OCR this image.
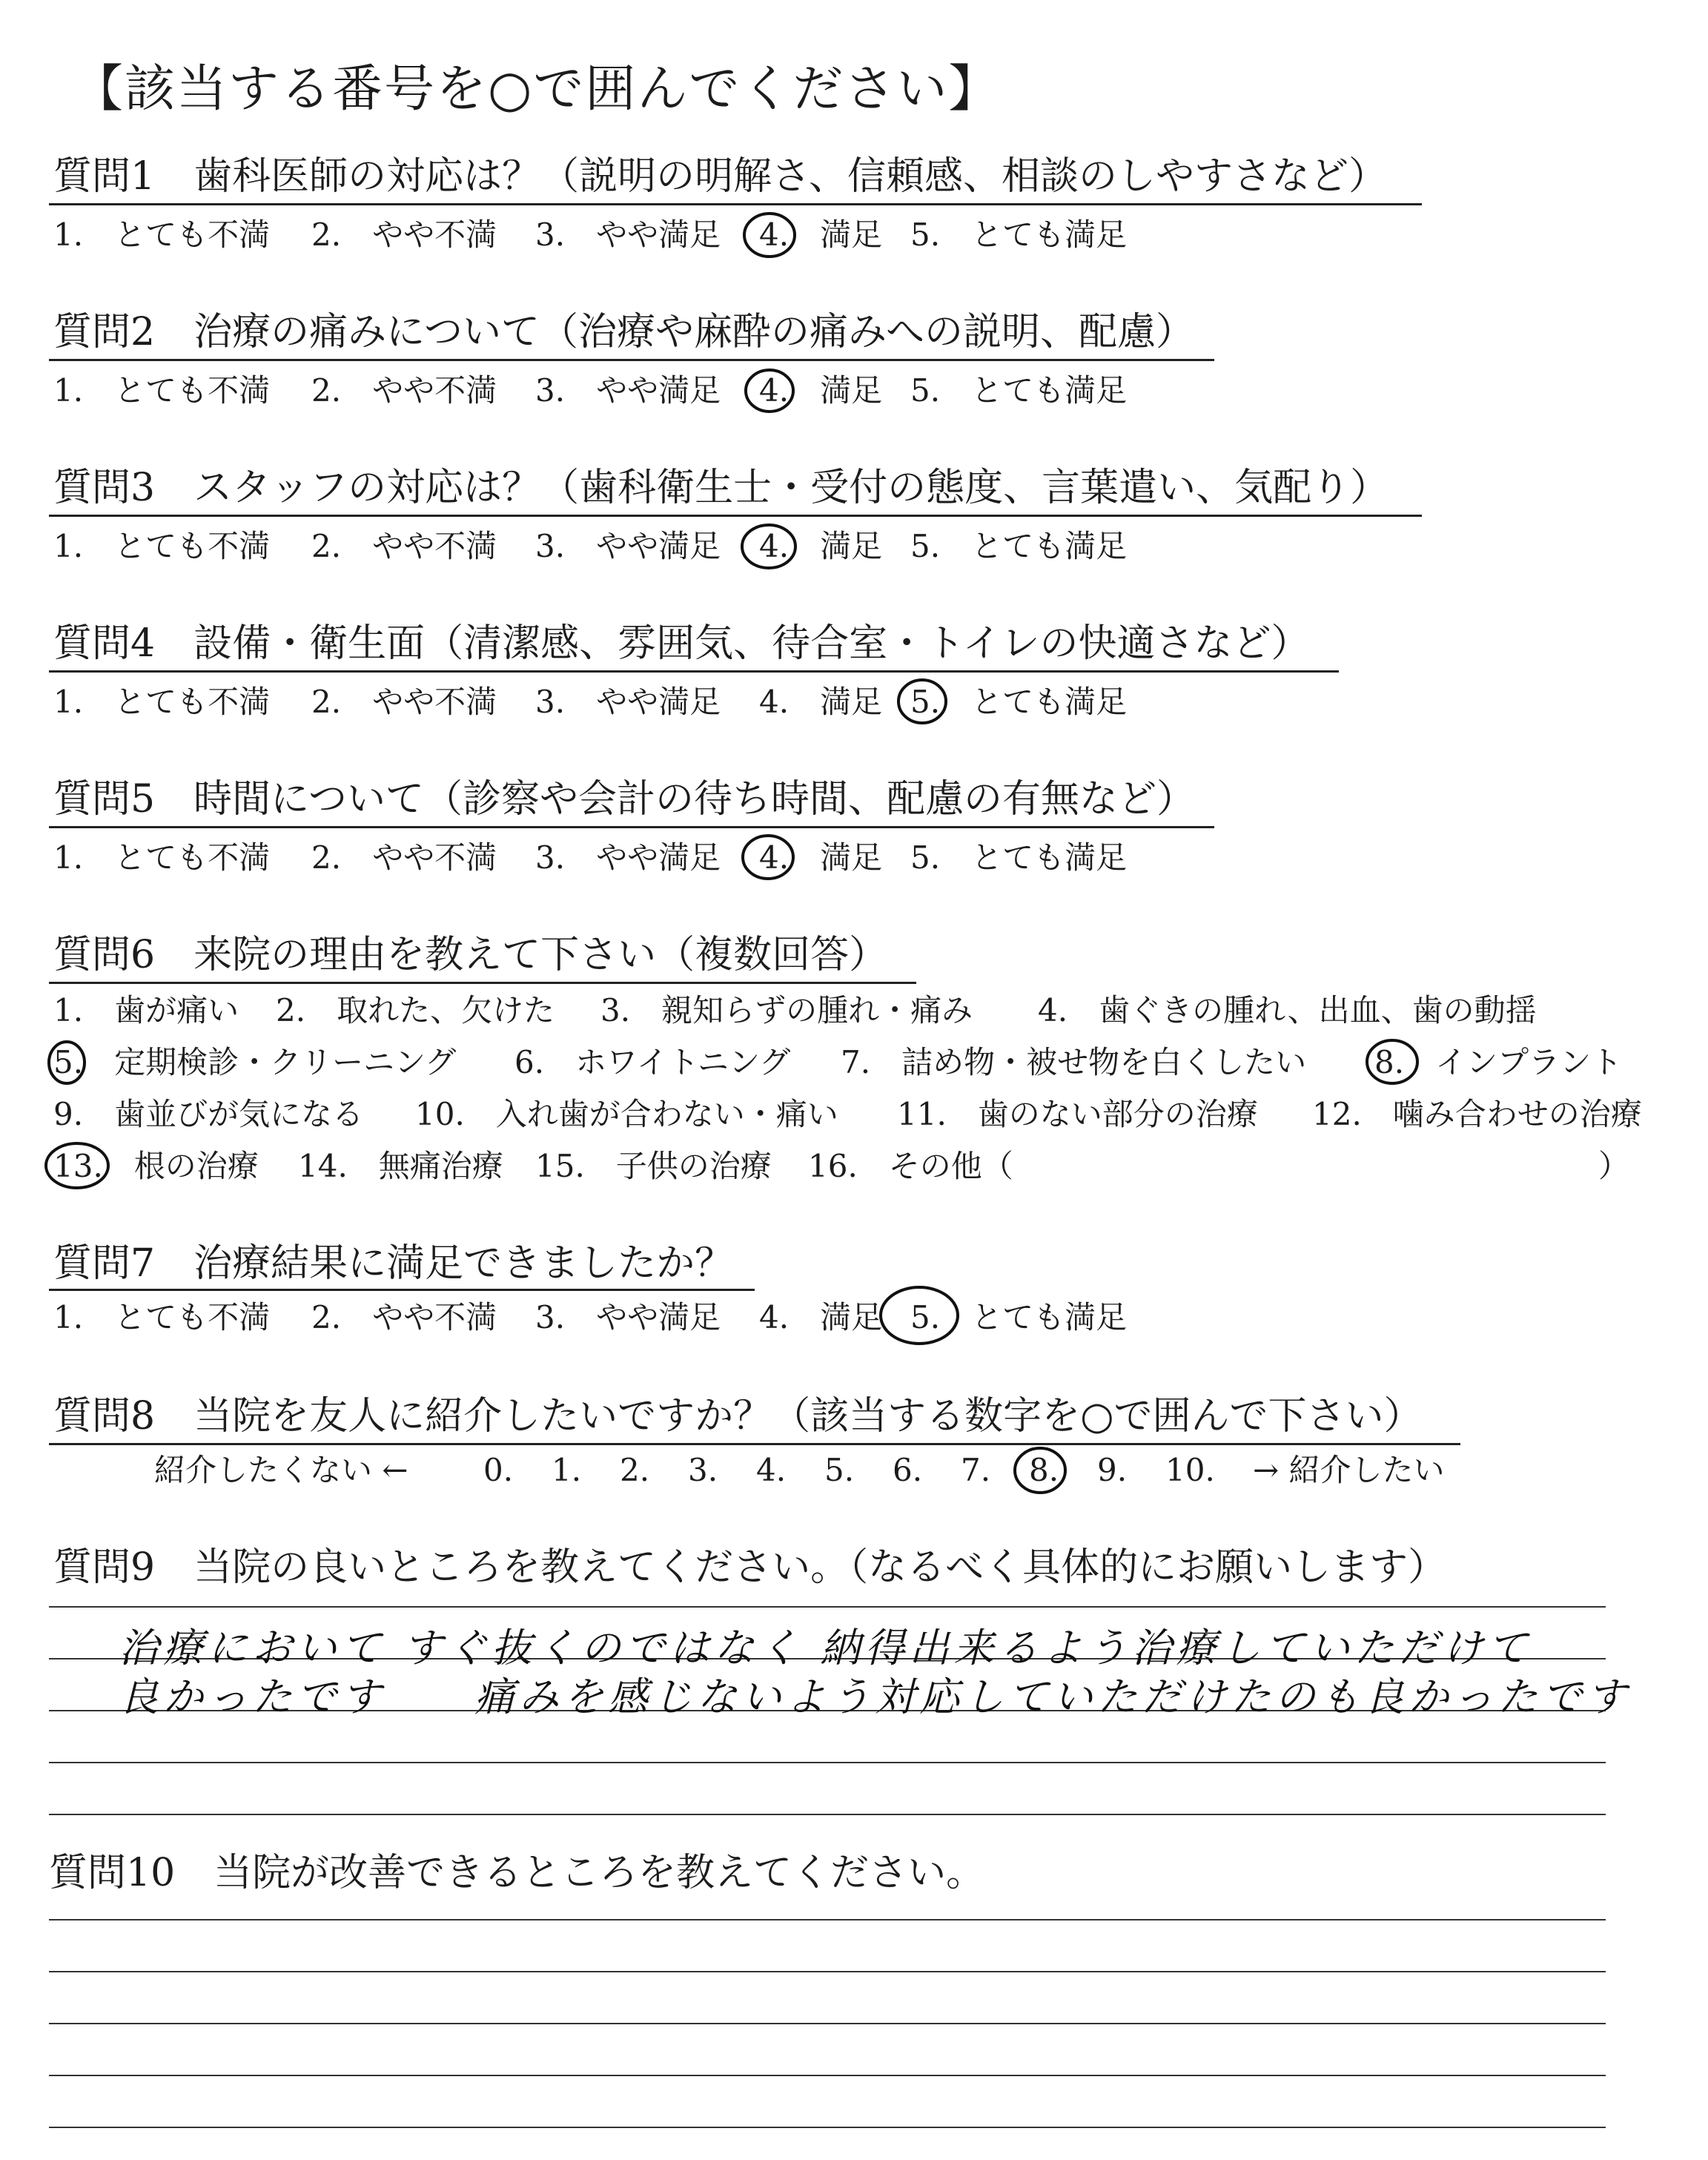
【該当する番号を○で囲んでください】
質問1　歯科医師の対応は？（説明の明解さ、信頼感、相談のしやすさなど）
1.　とても不満 2.　やや不満 3.　やや満足 4.　満足 5.　とても満足
質問2　治療の痛みについて（治療や麻酔の痛みへの説明、配慮）
1.　とても不満 2.　やや不満 3.　やや満足 4.　満足 5.　とても満足
質問3　スタッフの対応は？（歯科衛生士・受付の態度、言葉遣い、気配り）
1.　とても不満 2.　やや不満 3.　やや満足 4.　満足 5.　とても満足
質問4　設備・衛生面（清潔感、雰囲気、待合室・トイレの快適さなど）
1.　とても不満 2.　やや不満 3.　やや満足 4.　満足 5.　とても満足
質問5　時間について（診察や会計の待ち時間、配慮の有無など）
1.　とても不満 2.　やや不満 3.　やや満足 4.　満足 5.　とても満足
質問6　来院の理由を教えて下さい（複数回答）
1.　歯が痛い 2.　取れた、欠けた 3.　親知らずの腫れ・痛み 4.　歯ぐきの腫れ、出血、歯の動揺
5.　定期検診・クリーニング 6.　ホワイトニング 7.　詰め物・被せ物を白くしたい 8.　インプラント
9.　歯並びが気になる 10.　入れ歯が合わない・痛い 11.　歯のない部分の治療 12.　噛み合わせの治療
13.　根の治療 14.　無痛治療 15.　子供の治療 16.　その他（	）
質問7　治療結果に満足できましたか？
1.　とても不満 2.　やや不満 3.　やや満足 4.　満足 5.　とても満足
質問8　当院を友人に紹介したいですか？（該当する数字を○で囲んで下さい）
紹介したくない ← 0. 1. 2. 3. 4. 5. 6. 7. 8. 9. 10. → 紹介したい
質問9　当院の良いところを教えてください。（なるべく具体的にお願いします）
治療において すぐ抜くのではなく 納得出来るよう治療していただけて
良かったです　　痛みを感じないよう対応していただけたのも良かったです
質問10　当院が改善できるところを教えてください。
